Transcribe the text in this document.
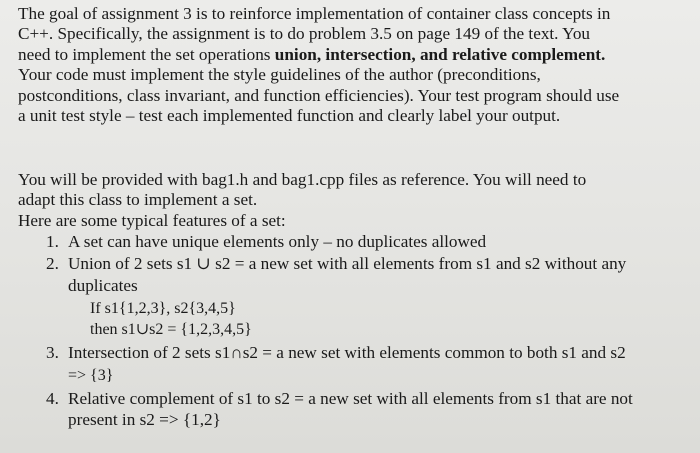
The goal of assignment 3 is to reinforce implementation of container class concepts in
C++. Specifically, the assignment is to do problem 3.5 on page 149 of the text. You
need to implement the set operations union, intersection, and relative complement.
Your code must implement the style guidelines of the author (preconditions,
postconditions, class invariant, and function efficiencies). Your test program should use
a unit test style – test each implemented function and clearly label your output.
You will be provided with bag1.h and bag1.cpp files as reference. You will need to
adapt this class to implement a set.
Here are some typical features of a set:
1. A set can have unique elements only – no duplicates allowed
2. Union of 2 sets s1 ∪ s2 = a new set with all elements from s1 and s2 without any
duplicates
If s1{1,2,3}, s2{3,4,5}
then s1∪s2 = {1,2,3,4,5}
3. Intersection of 2 sets s1∩s2 = a new set with elements common to both s1 and s2
=> {3}
4. Relative complement of s1 to s2 = a new set with all elements from s1 that are not
present in s2 => {1,2}
